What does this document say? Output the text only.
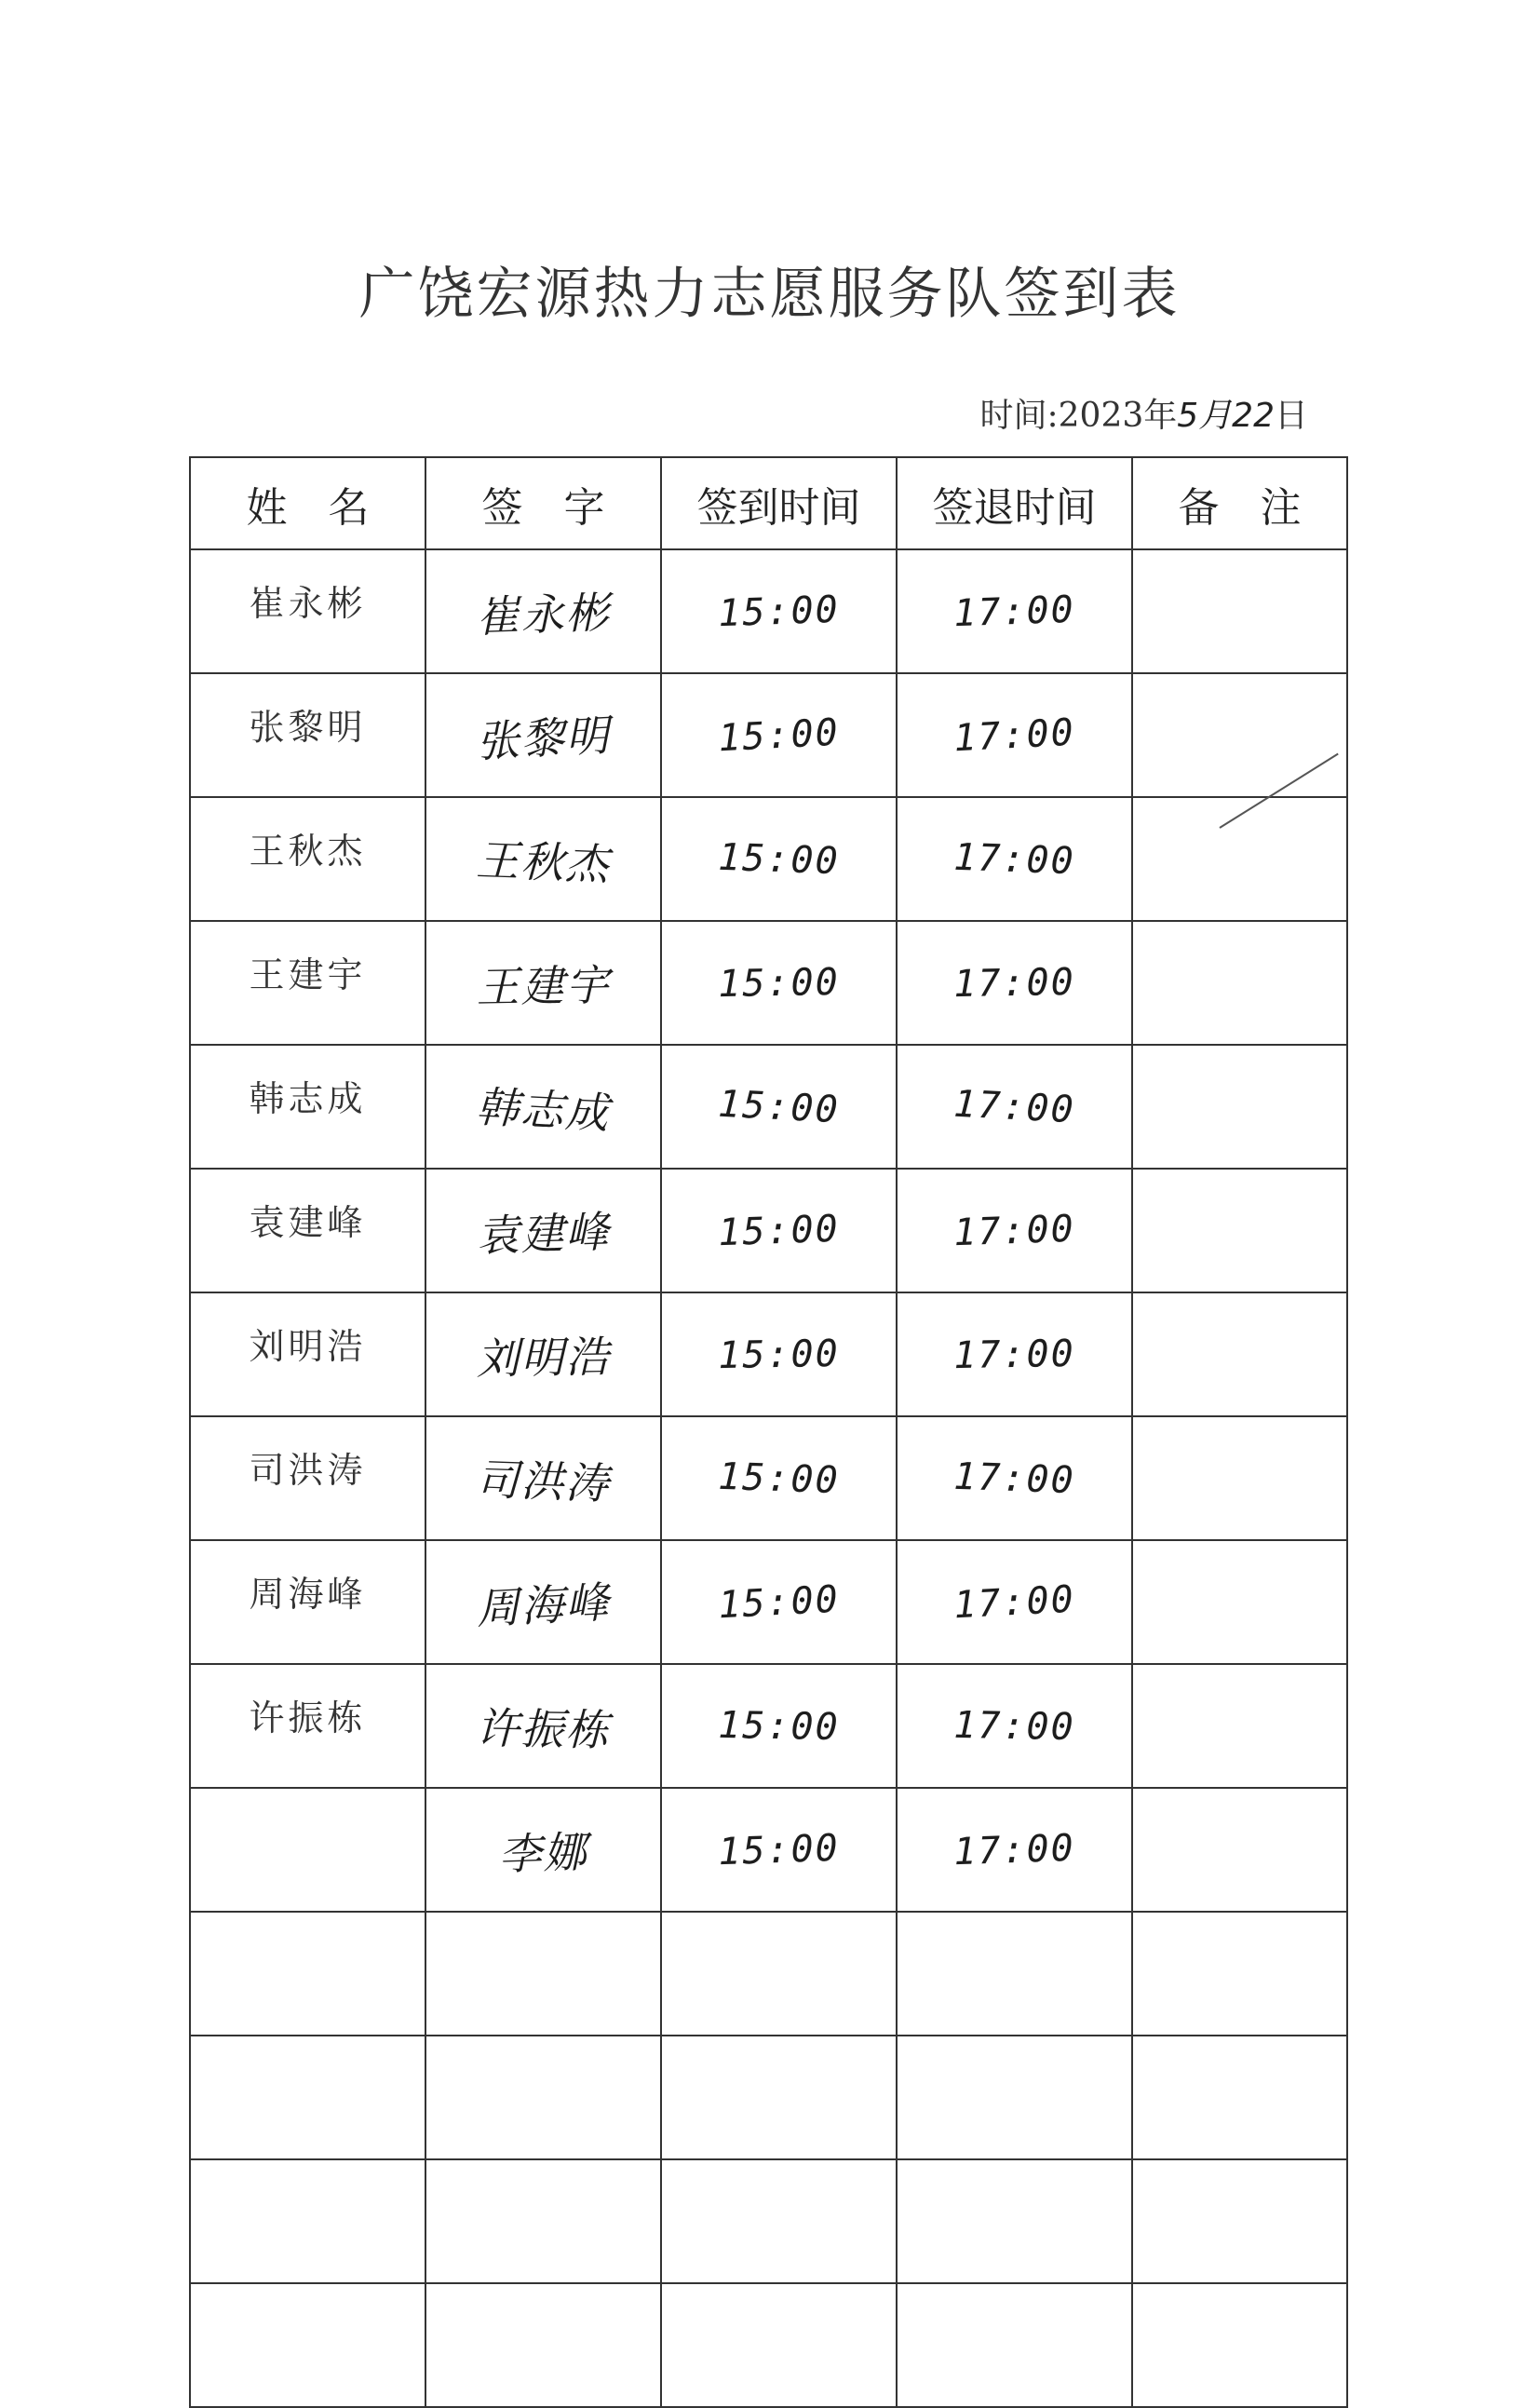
广饶宏源热力志愿服务队签到表
时间:2023年5月22日
姓　名	签　字	签到时间	签退时间	备　注
崔永彬	崔永彬	15:00	17:00	
张黎明	张黎明	15:00	17:00	
王秋杰	王秋杰	15:00	17:00	
王建宇	王建宇	15:00	17:00	
韩志成	韩志成	15:00	17:00	
袁建峰	袁建峰	15:00	17:00	
刘明浩	刘明浩	15:00	17:00	
司洪涛	司洪涛	15:00	17:00	
周海峰	周海峰	15:00	17:00	
许振栋	许振栋	15:00	17:00	
	李娜	15:00	17:00	
